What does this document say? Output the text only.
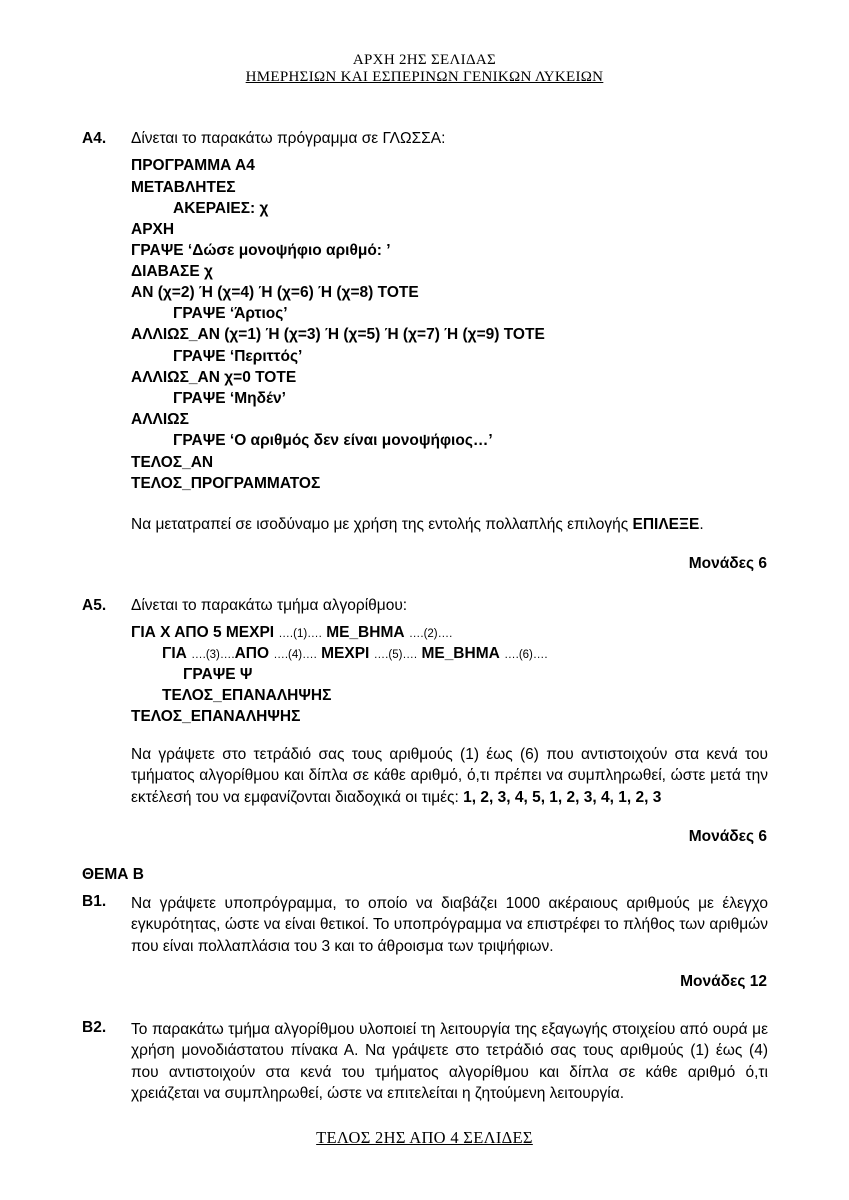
ΑΡΧΗ 2ΗΣ ΣΕΛΙΔΑΣ
ΗΜΕΡΗΣΙΩΝ ΚΑΙ ΕΣΠΕΡΙΝΩΝ ΓΕΝΙΚΩΝ ΛΥΚΕΙΩΝ
Α4. Δίνεται το παρακάτω πρόγραμμα σε ΓΛΩΣΣΑ:
ΠΡΟΓΡΑΜΜΑ Α4
ΜΕΤΑΒΛΗΤΕΣ
ΑΚΕΡΑΙΕΣ: χ
ΑΡΧΗ
ΓΡΑΨΕ ‘Δώσε μονοψήφιο αριθμό: ’
ΔΙΑΒΑΣΕ χ
ΑΝ (χ=2) Ή (χ=4) Ή (χ=6) Ή (χ=8) ΤΟΤΕ
ΓΡΑΨΕ ‘Άρτιος’
ΑΛΛΙΩΣ_ΑΝ (χ=1) Ή (χ=3) Ή (χ=5) Ή (χ=7) Ή (χ=9) ΤΟΤΕ
ΓΡΑΨΕ ‘Περιττός’
ΑΛΛΙΩΣ_ΑΝ χ=0 ΤΟΤΕ
ΓΡΑΨΕ ‘Μηδέν’
ΑΛΛΙΩΣ
ΓΡΑΨΕ ‘Ο αριθμός δεν είναι μονοψήφιος…’
ΤΕΛΟΣ_ΑΝ
ΤΕΛΟΣ_ΠΡΟΓΡΑΜΜΑΤΟΣ
Να μετατραπεί σε ισοδύναμο με χρήση της εντολής πολλαπλής επιλογής ΕΠΙΛΕΞΕ.
Μονάδες 6
Α5. Δίνεται το παρακάτω τμήμα αλγορίθμου:
ΓΙΑ Χ ΑΠΟ 5 ΜΕΧΡΙ ….(1)…. ΜΕ_ΒΗΜΑ ….(2)….
ΓΙΑ ….(3)….ΑΠΟ ….(4)…. ΜΕΧΡΙ ….(5)…. ΜΕ_ΒΗΜΑ ….(6)….
ΓΡΑΨΕ Ψ
ΤΕΛΟΣ_ΕΠΑΝΑΛΗΨΗΣ
ΤΕΛΟΣ_ΕΠΑΝΑΛΗΨΗΣ
Να γράψετε στο τετράδιό σας τους αριθμούς (1) έως (6) που αντιστοιχούν στα κενά του τμήματος αλγορίθμου και δίπλα σε κάθε αριθμό, ό,τι πρέπει να συμπληρωθεί, ώστε μετά την εκτέλεσή του να εμφανίζονται διαδοχικά οι τιμές: 1, 2, 3, 4, 5, 1, 2, 3, 4, 1, 2, 3
Μονάδες 6
ΘΕΜΑ Β
Β1. Να γράψετε υποπρόγραμμα, το οποίο να διαβάζει 1000 ακέραιους αριθμούς με έλεγχο εγκυρότητας, ώστε να είναι θετικοί. Το υποπρόγραμμα να επιστρέφει το πλήθος των αριθμών που είναι πολλαπλάσια του 3 και το άθροισμα των τριψήφιων.
Μονάδες 12
Β2. Το παρακάτω τμήμα αλγορίθμου υλοποιεί τη λειτουργία της εξαγωγής στοιχείου από ουρά με χρήση μονοδιάστατου πίνακα Α. Να γράψετε στο τετράδιό σας τους αριθμούς (1) έως (4) που αντιστοιχούν στα κενά του τμήματος αλγορίθμου και δίπλα σε κάθε αριθμό ό,τι χρειάζεται να συμπληρωθεί, ώστε να επιτελείται η ζητούμενη λειτουργία.
ΤΕΛΟΣ 2ΗΣ ΑΠΟ 4 ΣΕΛΙΔΕΣ
